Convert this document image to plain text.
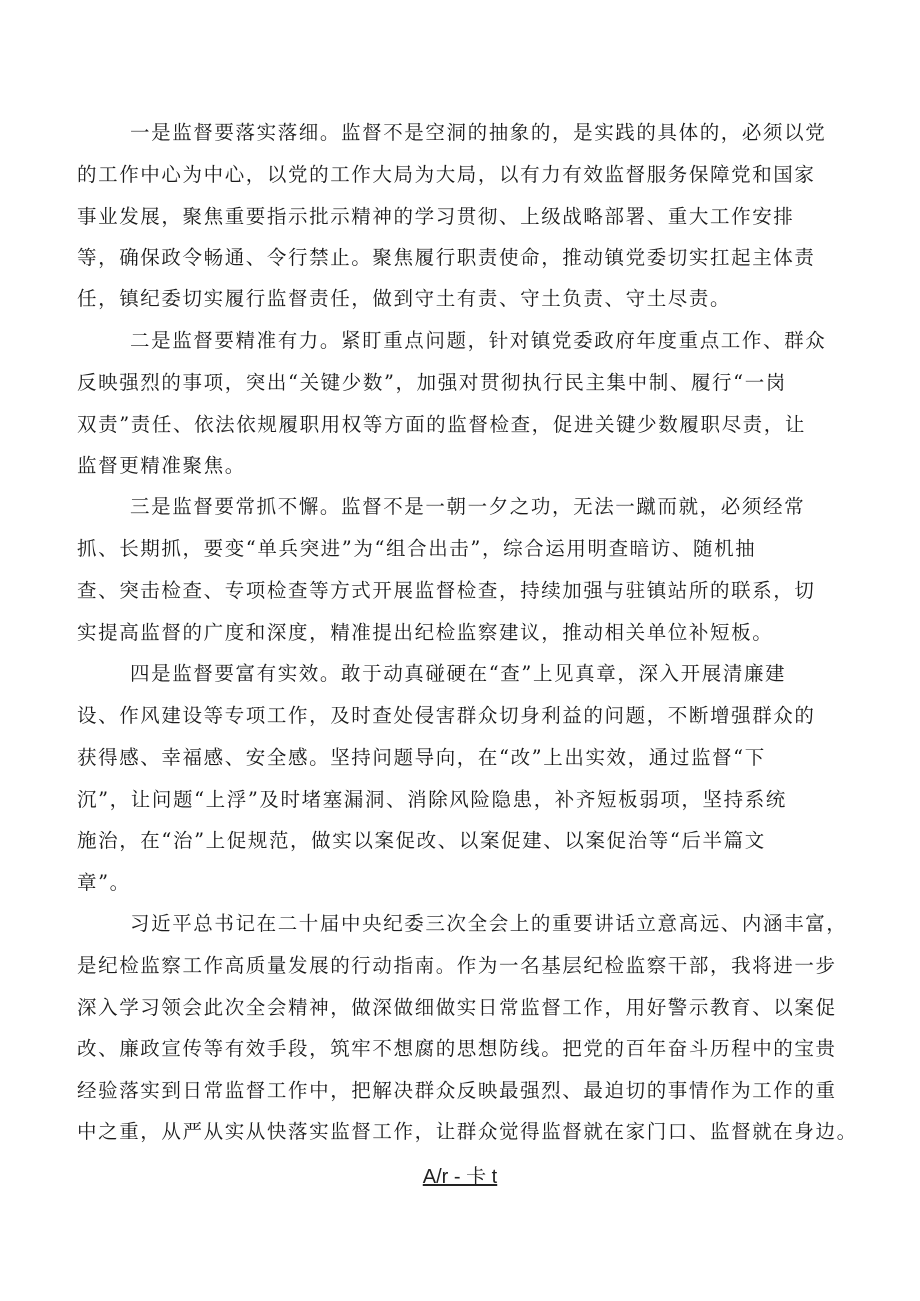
一是监督要落实落细。监督不是空洞的抽象的，是实践的具体的，必须以党
的工作中心为中心，以党的工作大局为大局，以有力有效监督服务保障党和国家
事业发展，聚焦重要指示批示精神的学习贯彻、上级战略部署、重大工作安排
等，确保政令畅通、令行禁止。聚焦履行职责使命，推动镇党委切实扛起主体责
任，镇纪委切实履行监督责任，做到守土有责、守土负责、守土尽责。
二是监督要精准有力。紧盯重点问题，针对镇党委政府年度重点工作、群众
反映强烈的事项，突出“关键少数”，加强对贯彻执行民主集中制、履行“一岗
双责”责任、依法依规履职用权等方面的监督检查，促进关键少数履职尽责，让
监督更精准聚焦。
三是监督要常抓不懈。监督不是一朝一夕之功，无法一蹴而就，必须经常
抓、长期抓，要变“单兵突进”为“组合出击”，综合运用明查暗访、随机抽
查、突击检查、专项检查等方式开展监督检查，持续加强与驻镇站所的联系，切
实提高监督的广度和深度，精准提出纪检监察建议，推动相关单位补短板。
四是监督要富有实效。敢于动真碰硬在“查”上见真章，深入开展清廉建
设、作风建设等专项工作，及时查处侵害群众切身利益的问题，不断增强群众的
获得感、幸福感、安全感。坚持问题导向，在“改”上出实效，通过监督“下
沉”，让问题“上浮”及时堵塞漏洞、消除风险隐患，补齐短板弱项，坚持系统
施治，在“治”上促规范，做实以案促改、以案促建、以案促治等“后半篇文
章”。
习近平总书记在二十届中央纪委三次全会上的重要讲话立意高远、内涵丰富，
是纪检监察工作高质量发展的行动指南。作为一名基层纪检监察干部，我将进一步
深入学习领会此次全会精神，做深做细做实日常监督工作，用好警示教育、以案促
改、廉政宣传等有效手段，筑牢不想腐的思想防线。把党的百年奋斗历程中的宝贵
经验落实到日常监督工作中，把解决群众反映最强烈、最迫切的事情作为工作的重
中之重，从严从实从快落实监督工作，让群众觉得监督就在家门口、监督就在身边。
A/r - 卡 t
